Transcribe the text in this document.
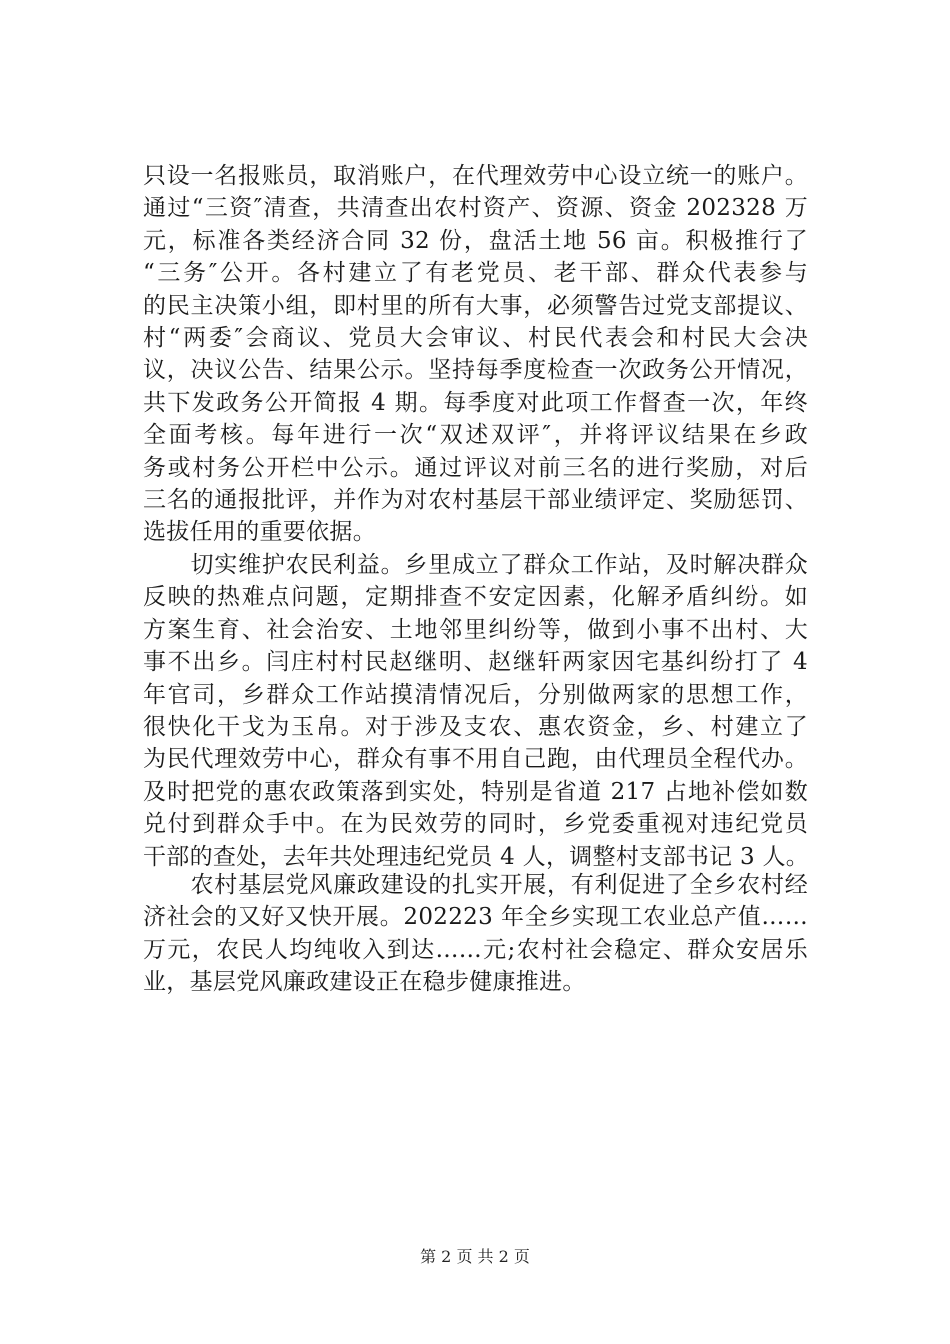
只设一名报账员，取消账户，在代理效劳中心设立统一的账户。
通过“三资″清查，共清查出农村资产、资源、资金 202328 万
元，标准各类经济合同 32 份，盘活土地 56 亩。积极推行了
“三务″公开。各村建立了有老党员、老干部、群众代表参与
的民主决策小组，即村里的所有大事，必须警告过党支部提议、
村“两委″会商议、党员大会审议、村民代表会和村民大会决
议，决议公告、结果公示。坚持每季度检查一次政务公开情况，
共下发政务公开简报 4 期。每季度对此项工作督查一次，年终
全面考核。每年进行一次“双述双评″，并将评议结果在乡政
务或村务公开栏中公示。通过评议对前三名的进行奖励，对后
三名的通报批评，并作为对农村基层干部业绩评定、奖励惩罚、
选拔任用的重要依据。
　　切实维护农民利益。乡里成立了群众工作站，及时解决群众
反映的热难点问题，定期排查不安定因素，化解矛盾纠纷。如
方案生育、社会治安、土地邻里纠纷等，做到小事不出村、大
事不出乡。闫庄村村民赵继明、赵继轩两家因宅基纠纷打了 4
年官司，乡群众工作站摸清情况后，分别做两家的思想工作，
很快化干戈为玉帛。对于涉及支农、惠农资金，乡、村建立了
为民代理效劳中心，群众有事不用自己跑，由代理员全程代办。
及时把党的惠农政策落到实处，特别是省道 217 占地补偿如数
兑付到群众手中。在为民效劳的同时，乡党委重视对违纪党员
干部的查处，去年共处理违纪党员 4 人，调整村支部书记 3 人。
　　农村基层党风廉政建设的扎实开展，有利促进了全乡农村经
济社会的又好又快开展。202223 年全乡实现工农业总产值……
万元，农民人均纯收入到达……元;农村社会稳定、群众安居乐
业，基层党风廉政建设正在稳步健康推进。
第 2 页 共 2 页
